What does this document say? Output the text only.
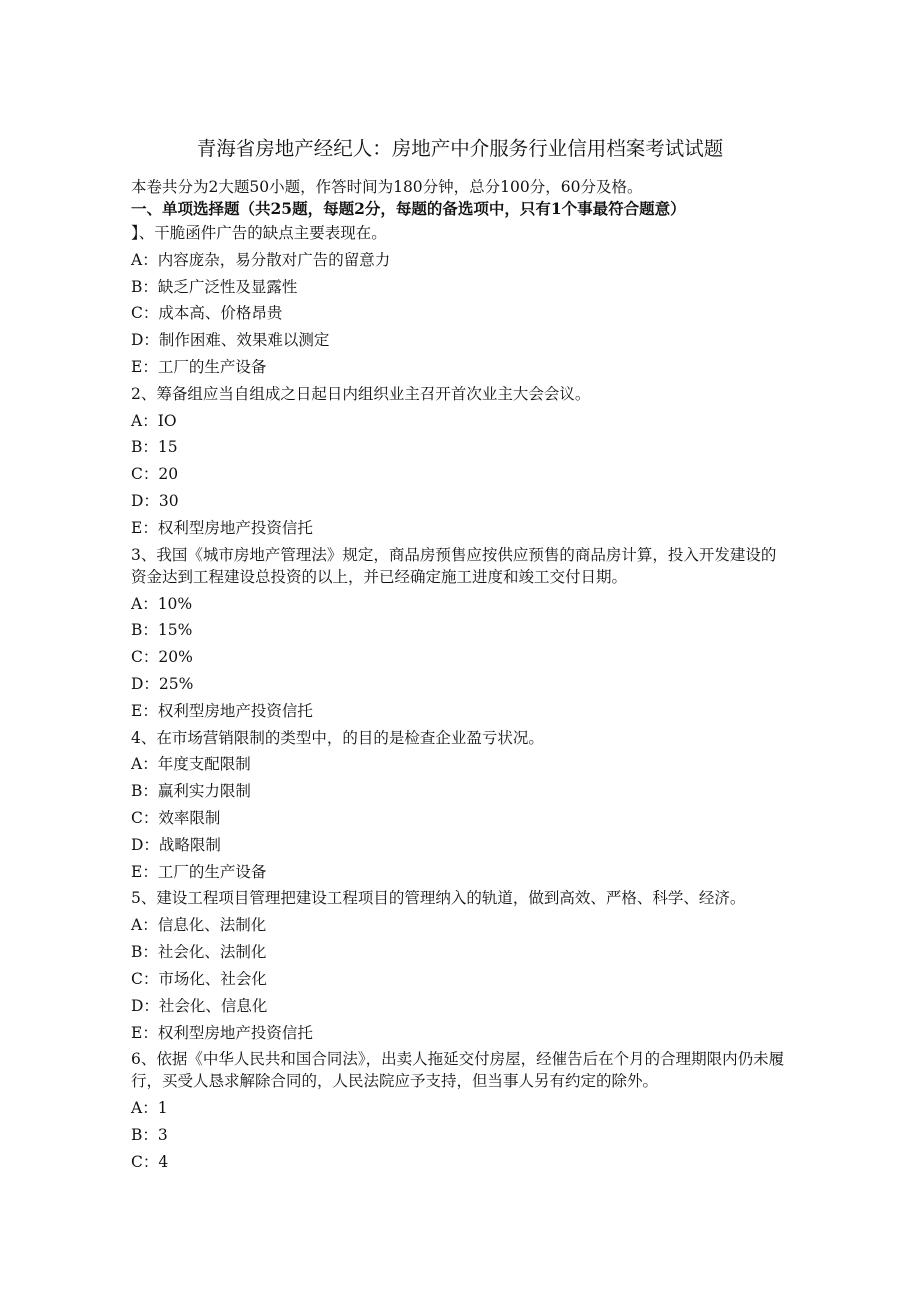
青海省房地产经纪人：房地产中介服务行业信用档案考试试题
本卷共分为2大题50小题，作答时间为180分钟，总分100分，60分及格。
一、单项选择题（共25题，每题2分，每题的备选项中，只有1个事最符合题意）
】、干脆函件广告的缺点主要表现在。
A：内容庞杂，易分散对广告的留意力
B：缺乏广泛性及显露性
C：成本高、价格昂贵
D：制作困难、效果难以测定
E：工厂的生产设备
2、筹备组应当自组成之日起日内组织业主召开首次业主大会会议。
A：IO
B：15
C：20
D：30
E：权利型房地产投资信托
3、我国《城市房地产管理法》规定，商品房预售应按供应预售的商品房计算，投入开发建设的资金达到工程建设总投资的以上，并已经确定施工进度和竣工交付日期。
A：10%
B：15%
C：20%
D：25%
E：权利型房地产投资信托
4、在市场营销限制的类型中，的目的是检查企业盈亏状况。
A：年度支配限制
B：赢利实力限制
C：效率限制
D：战略限制
E：工厂的生产设备
5、建设工程项目管理把建设工程项目的管理纳入的轨道，做到高效、严格、科学、经济。
A：信息化、法制化
B：社会化、法制化
C：市场化、社会化
D：社会化、信息化
E：权利型房地产投资信托
6、依据《中华人民共和国合同法》，出卖人拖延交付房屋，经催告后在个月的合理期限内仍未履行，买受人恳求解除合同的，人民法院应予支持，但当事人另有约定的除外。
A：1
B：3
C：4
